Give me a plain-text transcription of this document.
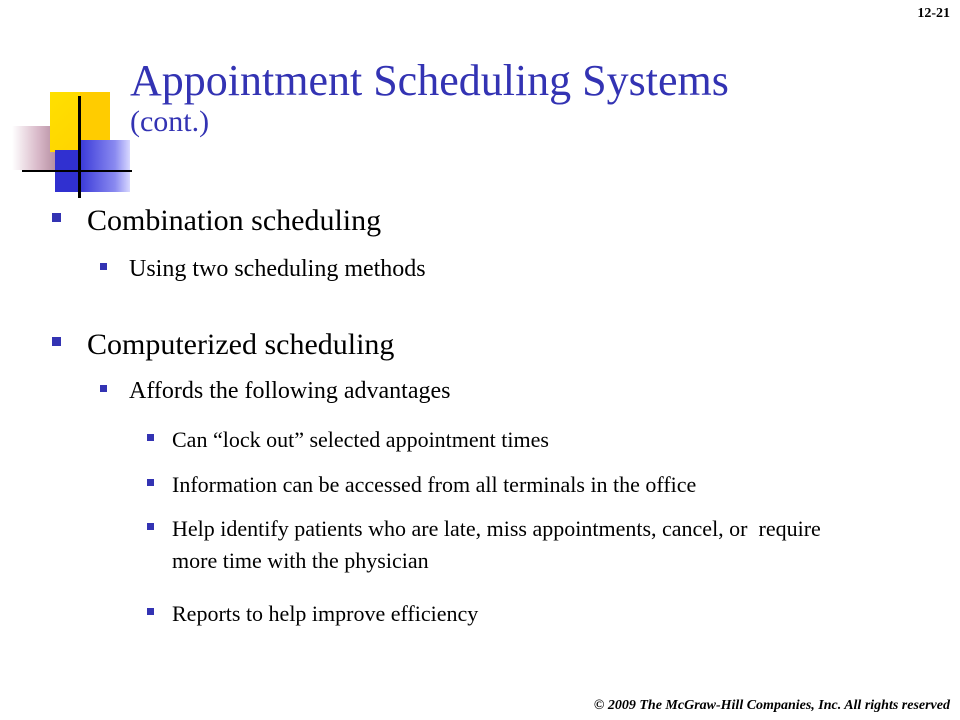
12-21
Appointment Scheduling Systems
(cont.)
Combination scheduling
Using two scheduling methods
Computerized scheduling
Affords the following advantages
Can “lock out” selected appointment times
Information can be accessed from all terminals in the office
Help identify patients who are late, miss appointments, cancel, or  require more time with the physician
Reports to help improve efficiency
© 2009 The McGraw-Hill Companies, Inc. All rights reserved
